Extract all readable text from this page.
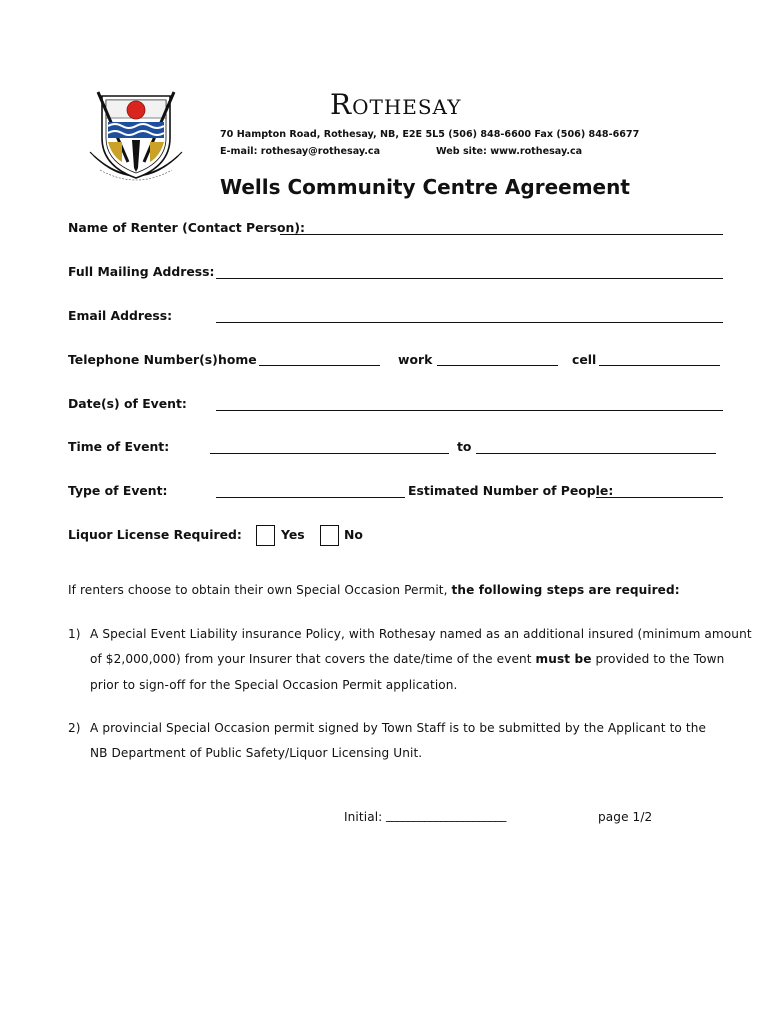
Rothesay
70 Hampton Road, Rothesay, NB, E2E 5L5 (506) 848-6600 Fax (506) 848-6677
E-mail: rothesay@rothesay.ca	Web site: www.rothesay.ca
Wells Community Centre Agreement
Name of Renter (Contact Person):
Full Mailing Address:
Email Address:
Telephone Number(s):
home	work	cell
Date(s) of Event:
Time of Event:	to
Type of Event:	Estimated Number of People:
Liquor License Required:	Yes	No
If renters choose to obtain their own Special Occasion Permit, the following steps are required:
1) A Special Event Liability insurance Policy, with Rothesay named as an additional insured (minimum amount
of $2,000,000) from your Insurer that covers the date/time of the event must be provided to the Town
prior to sign-off for the Special Occasion Permit application.
2) A provincial Special Occasion permit signed by Town Staff is to be submitted by the Applicant to the
NB Department of Public Safety/Liquor Licensing Unit.
Initial: ______________________	page 1/2
